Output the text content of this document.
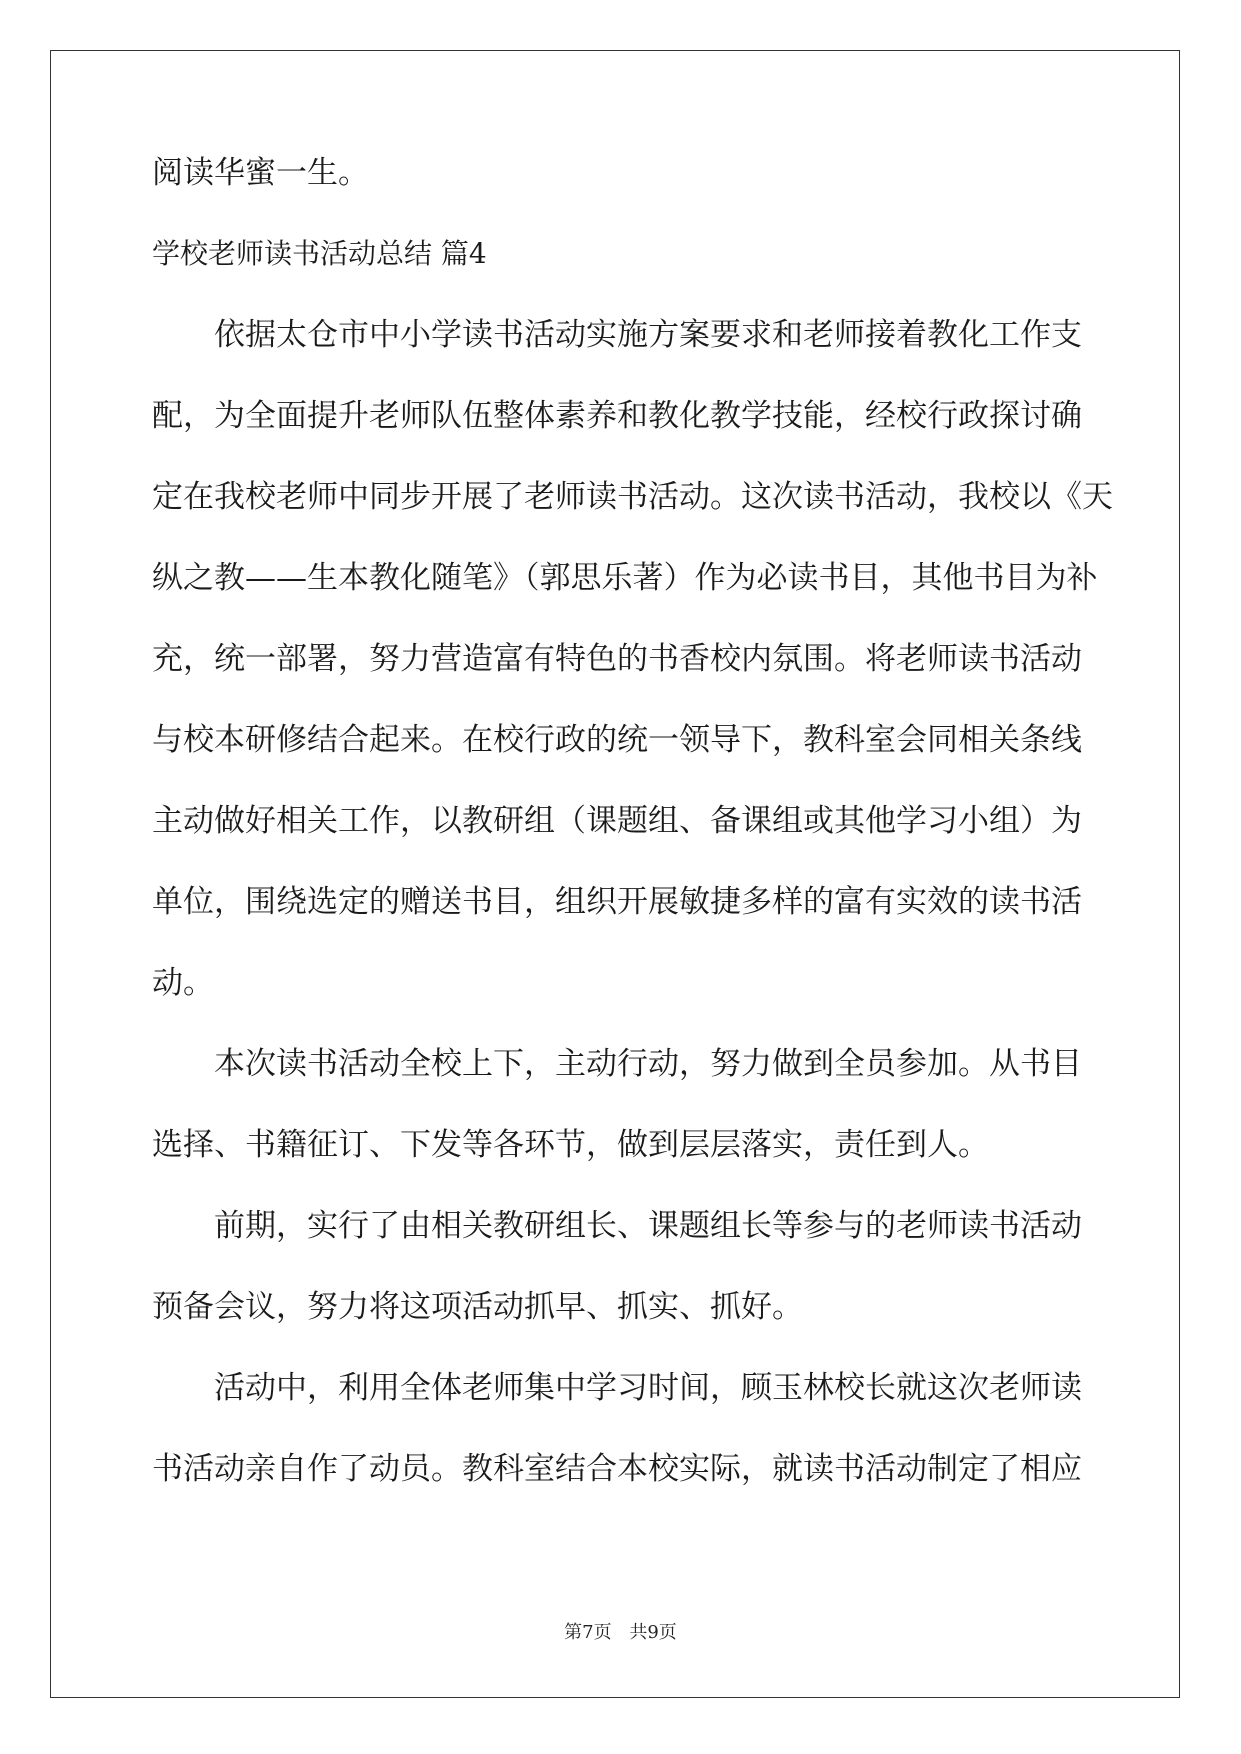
阅读华蜜一生。
学校老师读书活动总结 篇4
依据太仓市中小学读书活动实施方案要求和老师接着教化工作支
配，为全面提升老师队伍整体素养和教化教学技能，经校行政探讨确
定在我校老师中同步开展了老师读书活动。这次读书活动，我校以《天
纵之教——生本教化随笔》（郭思乐著）作为必读书目，其他书目为补
充，统一部署，努力营造富有特色的书香校内氛围。将老师读书活动
与校本研修结合起来。在校行政的统一领导下，教科室会同相关条线
主动做好相关工作，以教研组（课题组、备课组或其他学习小组）为
单位，围绕选定的赠送书目，组织开展敏捷多样的富有实效的读书活
动。
本次读书活动全校上下，主动行动，努力做到全员参加。从书目
选择、书籍征订、下发等各环节，做到层层落实，责任到人。
前期，实行了由相关教研组长、课题组长等参与的老师读书活动
预备会议，努力将这项活动抓早、抓实、抓好。
活动中，利用全体老师集中学习时间，顾玉林校长就这次老师读
书活动亲自作了动员。教科室结合本校实际，就读书活动制定了相应
第7页 共9页
